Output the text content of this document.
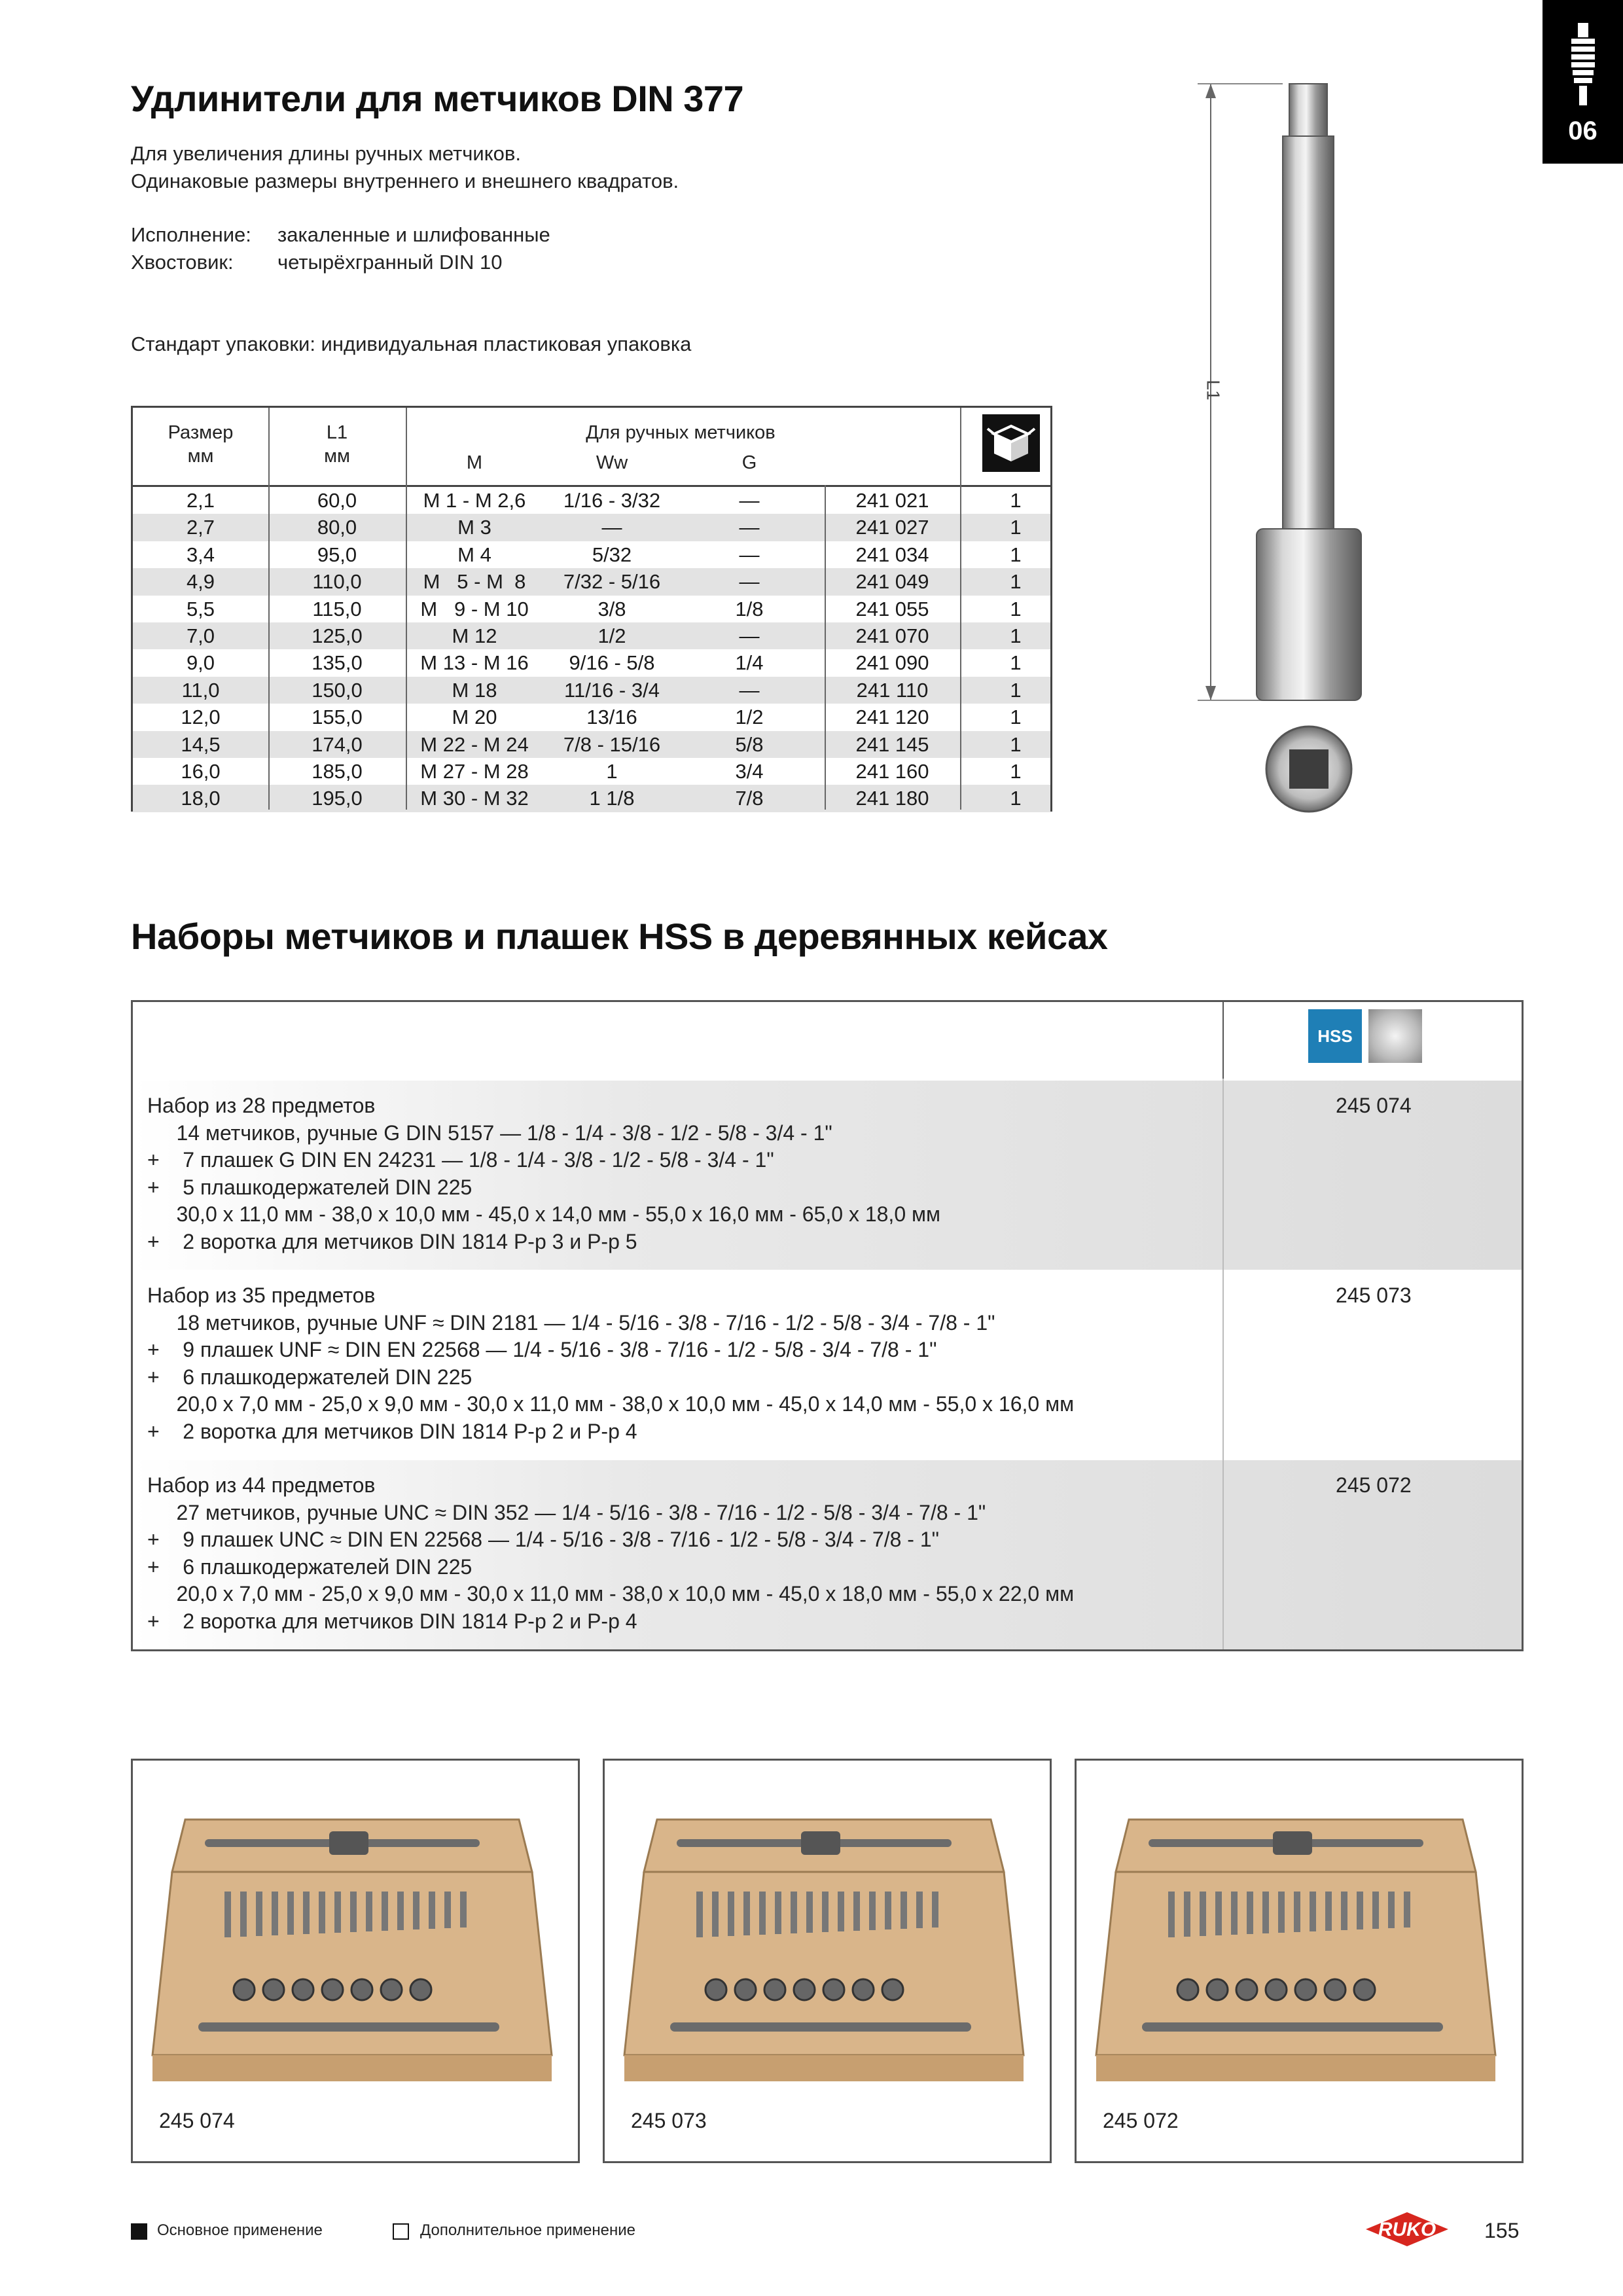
06
Удлинители для метчиков DIN 377
Для увеличения длины ручных метчиков.
Одинаковые размеры внутреннего и внешнего квадратов.
Исполнение: закаленные и шлифованные
Хвостовик: четырёхгранный DIN 10
Стандарт упаковки: индивидуальная пластиковая упаковка
Размер
мм
L1
мм
Для ручных метчиков
M	Ww	G
2,1	60,0	M 1 - M 2,6	1/16 - 3/32	—	241 021	1
2,7	80,0	M 3	—	—	241 027	1
3,4	95,0	M 4	5/32	—	241 034	1
4,9	110,0	M   5 - M  8	7/32 - 5/16	—	241 049	1
5,5	115,0	M   9 - M 10	3/8	1/8	241 055	1
7,0	125,0	M 12	1/2	—	241 070	1
9,0	135,0	M 13 - M 16	9/16 - 5/8	1/4	241 090	1
11,0	150,0	M 18	11/16 - 3/4	—	241 110	1
12,0	155,0	M 20	13/16	1/2	241 120	1
14,5	174,0	M 22 - M 24	7/8 - 15/16	5/8	241 145	1
16,0	185,0	M 27 - M 28	1	3/4	241 160	1
18,0	195,0	M 30 - M 32	1 1/8	7/8	241 180	1
L1
Наборы метчиков и плашек HSS в деревянных кейсах
HSS
Набор из 28 предметов
14 метчиков, ручные G DIN 5157 — 1/8 - 1/4 - 3/8 - 1/2 - 5/8 - 3/4 - 1"
+    7 плашек G DIN EN 24231 — 1/8 - 1/4 - 3/8 - 1/2 - 5/8 - 3/4 - 1"
+    5 плашкодержателей DIN 225
30,0 x 11,0 мм - 38,0 x 10,0 мм - 45,0 x 14,0 мм - 55,0 x 16,0 мм - 65,0 x 18,0 мм
+    2 воротка для метчиков DIN 1814 P-p 3 и P-p 5
245 074
Набор из 35 предметов
18 метчиков, ручные UNF ≈ DIN 2181 — 1/4 - 5/16 - 3/8 - 7/16 - 1/2 - 5/8 - 3/4 - 7/8 - 1"
+    9 плашек UNF ≈ DIN EN 22568 — 1/4 - 5/16 - 3/8 - 7/16 - 1/2 - 5/8 - 3/4 - 7/8 - 1"
+    6 плашкодержателей DIN 225
20,0 x 7,0 мм - 25,0 x 9,0 мм - 30,0 x 11,0 мм - 38,0 x 10,0 мм - 45,0 x 14,0 мм - 55,0 x 16,0 мм
+    2 воротка для метчиков DIN 1814 P-p 2 и P-p 4
245 073
Набор из 44 предметов
27 метчиков, ручные UNC ≈ DIN 352 — 1/4 - 5/16 - 3/8 - 7/16 - 1/2 - 5/8 - 3/4 - 7/8 - 1"
+    9 плашек UNC ≈ DIN EN 22568 — 1/4 - 5/16 - 3/8 - 7/16 - 1/2 - 5/8 - 3/4 - 7/8 - 1"
+    6 плашкодержателей DIN 225
20,0 x 7,0 мм - 25,0 x 9,0 мм - 30,0 x 11,0 мм - 38,0 x 10,0 мм - 45,0 x 18,0 мм - 55,0 x 22,0 мм
+    2 воротка для метчиков DIN 1814 P-p 2 и P-p 4
245 072
245 074	245 073	245 072
Основное применение	Дополнительное применение	RUKO 155
